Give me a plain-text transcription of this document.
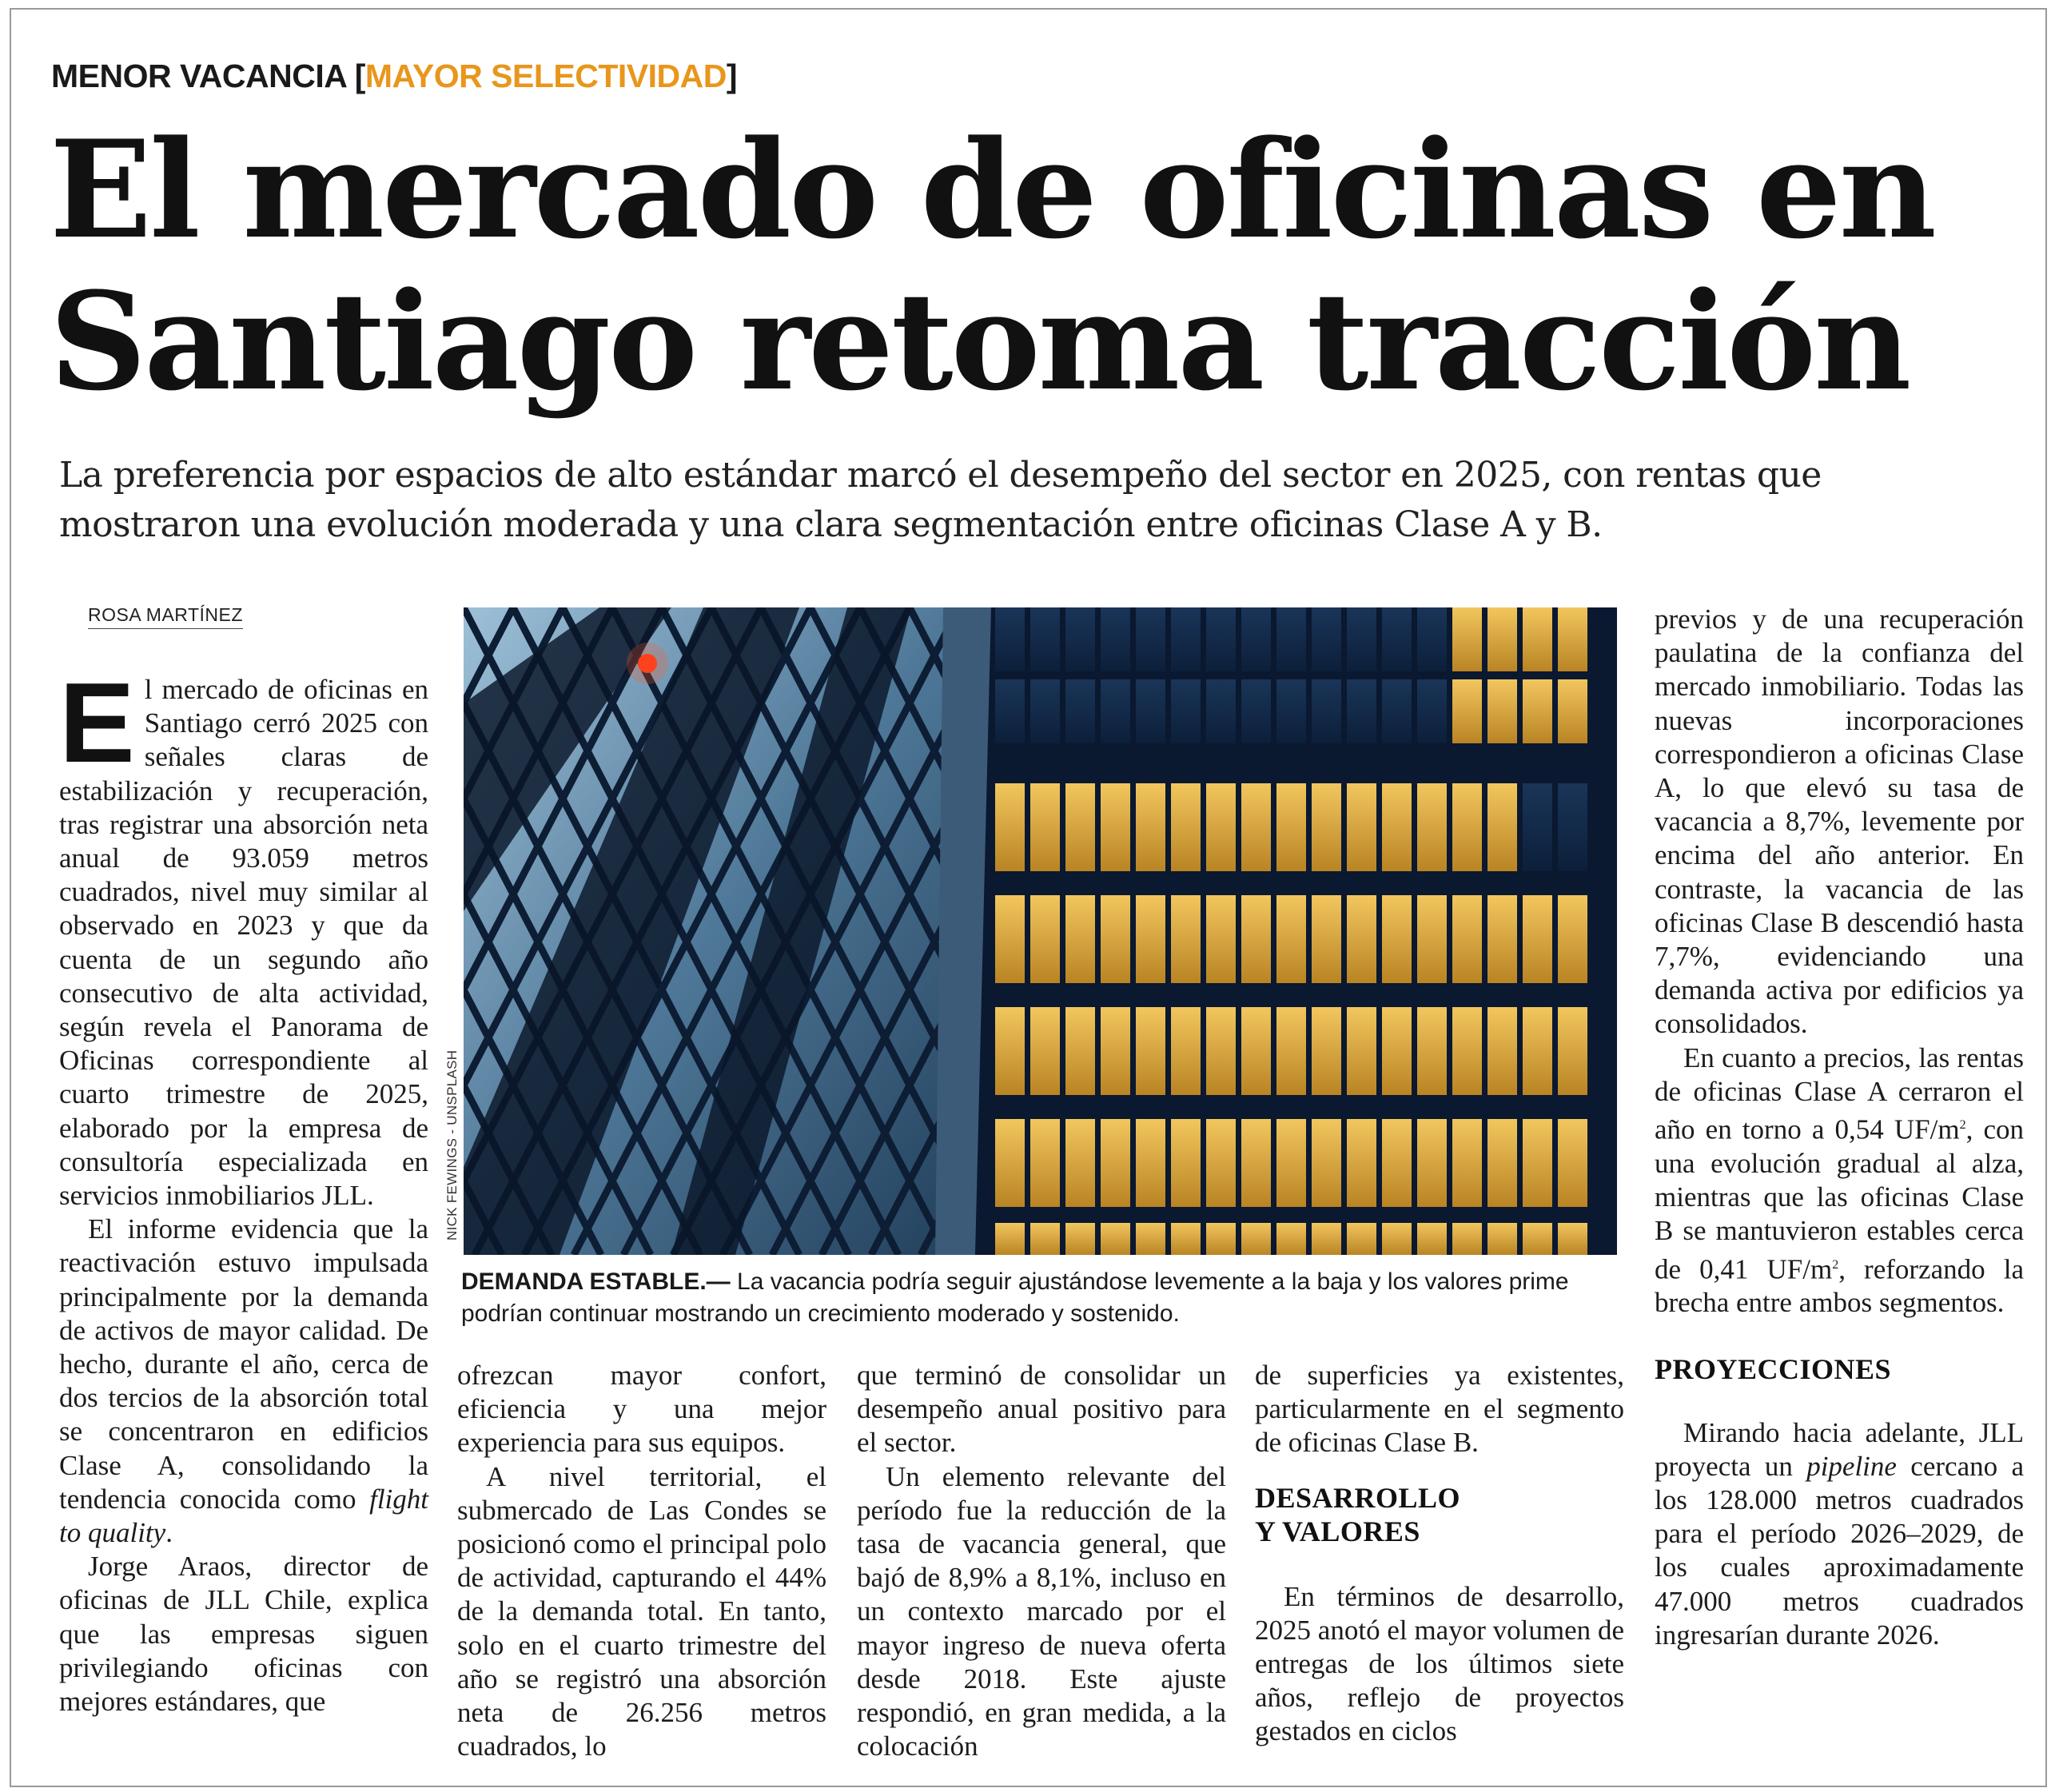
MENOR VACANCIA [MAYOR SELECTIVIDAD]
El mercado de oficinas en
Santiago retoma tracción

La preferencia por espacios de alto estándar marcó el desempeño del sector en 2025, con rentas que
mostraron una evolución moderada y una clara segmentación entre oficinas Clase A y B.

ROSA MARTÍNEZ

El mercado de oficinas en Santiago cerró 2025 con señales claras de estabilización y recuperación, tras registrar una absorción neta anual de 93.059 metros cuadrados, nivel muy similar al observado en 2023 y que da cuenta de un segundo año consecutivo de alta actividad, según revela el Panorama de Oficinas correspondiente al cuarto trimestre de 2025, elaborado por la empresa de consultoría especializada en servicios inmobiliarios JLL.

El informe evidencia que la reactivación estuvo impulsada principalmente por la demanda de activos de mayor calidad. De hecho, durante el año, cerca de dos tercios de la absorción total se concentraron en edificios Clase A, consolidando la tendencia conocida como flight to quality.

Jorge Araos, director de oficinas de JLL Chile, explica que las empresas siguen privilegiando oficinas con mejores estándares, que

NICK FEWINGS - UNSPLASH
DEMANDA ESTABLE.— La vacancia podría seguir ajustándose levemente a la baja y los valores prime podrían continuar mostrando un crecimiento moderado y sostenido.

ofrezcan mayor confort, eficiencia y una mejor experiencia para sus equipos.

A nivel territorial, el submercado de Las Condes se posicionó como el principal polo de actividad, capturando el 44% de la demanda total. En tanto, solo en el cuarto trimestre del año se registró una absorción neta de 26.256 metros cuadrados, lo

que terminó de consolidar un desempeño anual positivo para el sector.

Un elemento relevante del período fue la reducción de la tasa de vacancia general, que bajó de 8,9% a 8,1%, incluso en un contexto marcado por el mayor ingreso de nueva oferta desde 2018. Este ajuste respondió, en gran medida, a la colocación

de superficies ya existentes, particularmente en el segmento de oficinas Clase B.

DESARROLLO
Y VALORES

En términos de desarrollo, 2025 anotó el mayor volumen de entregas de los últimos siete años, reflejo de proyectos gestados en ciclos

previos y de una recuperación paulatina de la confianza del mercado inmobiliario. Todas las nuevas incorporaciones correspondieron a oficinas Clase A, lo que elevó su tasa de vacancia a 8,7%, levemente por encima del año anterior. En contraste, la vacancia de las oficinas Clase B descendió hasta 7,7%, evidenciando una demanda activa por edificios ya consolidados.

En cuanto a precios, las rentas de oficinas Clase A cerraron el año en torno a 0,54 $UF/m^2$, con una evolución gradual al alza, mientras que las oficinas Clase B se mantuvieron estables cerca de 0,41 $UF/m^2$, reforzando la brecha entre ambos segmentos.

PROYECCIONES

Mirando hacia adelante, JLL proyecta un pipeline cercano a los 128.000 metros cuadrados para el período 2026–2029, de los cuales aproximadamente 47.000 metros cuadrados ingresarían durante 2026.
